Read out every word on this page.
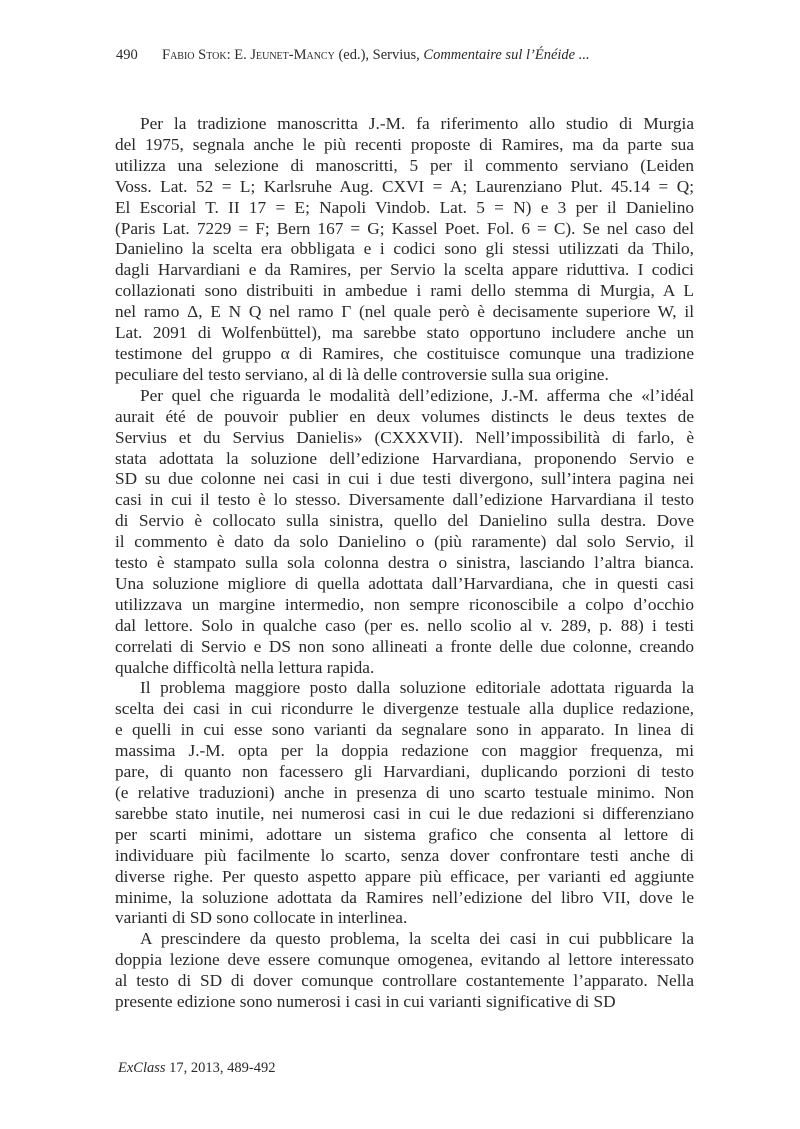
490 Fabio Stok: E. Jeunet-Mancy (ed.), Servius, Commentaire sul l’Énéide ...
Per la tradizione manoscritta J.-M. fa riferimento allo studio di Murgia
del 1975, segnala anche le più recenti proposte di Ramires, ma da parte sua
utilizza una selezione di manoscritti, 5 per il commento serviano (Leiden
Voss. Lat. 52 = L; Karlsruhe Aug. CXVI = A; Laurenziano Plut. 45.14 = Q;
El Escorial T. II 17 = E; Napoli Vindob. Lat. 5 = N) e 3 per il Danielino
(Paris Lat. 7229 = F; Bern 167 = G; Kassel Poet. Fol. 6 = C). Se nel caso del
Danielino la scelta era obbligata e i codici sono gli stessi utilizzati da Thilo,
dagli Harvardiani e da Ramires, per Servio la scelta appare riduttiva. I codici
collazionati sono distribuiti in ambedue i rami dello stemma di Murgia, A L
nel ramo Δ, E N Q nel ramo Γ (nel quale però è decisamente superiore W, il
Lat. 2091 di Wolfenbüttel), ma sarebbe stato opportuno includere anche un
testimone del gruppo α di Ramires, che costituisce comunque una tradizione
peculiare del testo serviano, al di là delle controversie sulla sua origine.
Per quel che riguarda le modalità dell’edizione, J.-M. afferma che «l’idéal
aurait été de pouvoir publier en deux volumes distincts le deus textes de
Servius et du Servius Danielis» (CXXXVII). Nell’impossibilità di farlo, è
stata adottata la soluzione dell’edizione Harvardiana, proponendo Servio e
SD su due colonne nei casi in cui i due testi divergono, sull’intera pagina nei
casi in cui il testo è lo stesso. Diversamente dall’edizione Harvardiana il testo
di Servio è collocato sulla sinistra, quello del Danielino sulla destra. Dove
il commento è dato da solo Danielino o (più raramente) dal solo Servio, il
testo è stampato sulla sola colonna destra o sinistra, lasciando l’altra bianca.
Una soluzione migliore di quella adottata dall’Harvardiana, che in questi casi
utilizzava un margine intermedio, non sempre riconoscibile a colpo d’occhio
dal lettore. Solo in qualche caso (per es. nello scolio al v. 289, p. 88) i testi
correlati di Servio e DS non sono allineati a fronte delle due colonne, creando
qualche difficoltà nella lettura rapida.
Il problema maggiore posto dalla soluzione editoriale adottata riguarda la
scelta dei casi in cui ricondurre le divergenze testuale alla duplice redazione,
e quelli in cui esse sono varianti da segnalare sono in apparato. In linea di
massima J.-M. opta per la doppia redazione con maggior frequenza, mi
pare, di quanto non facessero gli Harvardiani, duplicando porzioni di testo
(e relative traduzioni) anche in presenza di uno scarto testuale minimo. Non
sarebbe stato inutile, nei numerosi casi in cui le due redazioni si differenziano
per scarti minimi, adottare un sistema grafico che consenta al lettore di
individuare più facilmente lo scarto, senza dover confrontare testi anche di
diverse righe. Per questo aspetto appare più efficace, per varianti ed aggiunte
minime, la soluzione adottata da Ramires nell’edizione del libro VII, dove le
varianti di SD sono collocate in interlinea.
A prescindere da questo problema, la scelta dei casi in cui pubblicare la
doppia lezione deve essere comunque omogenea, evitando al lettore interessato
al testo di SD di dover comunque controllare costantemente l’apparato. Nella
presente edizione sono numerosi i casi in cui varianti significative di SD
ExClass 17, 2013, 489-492
